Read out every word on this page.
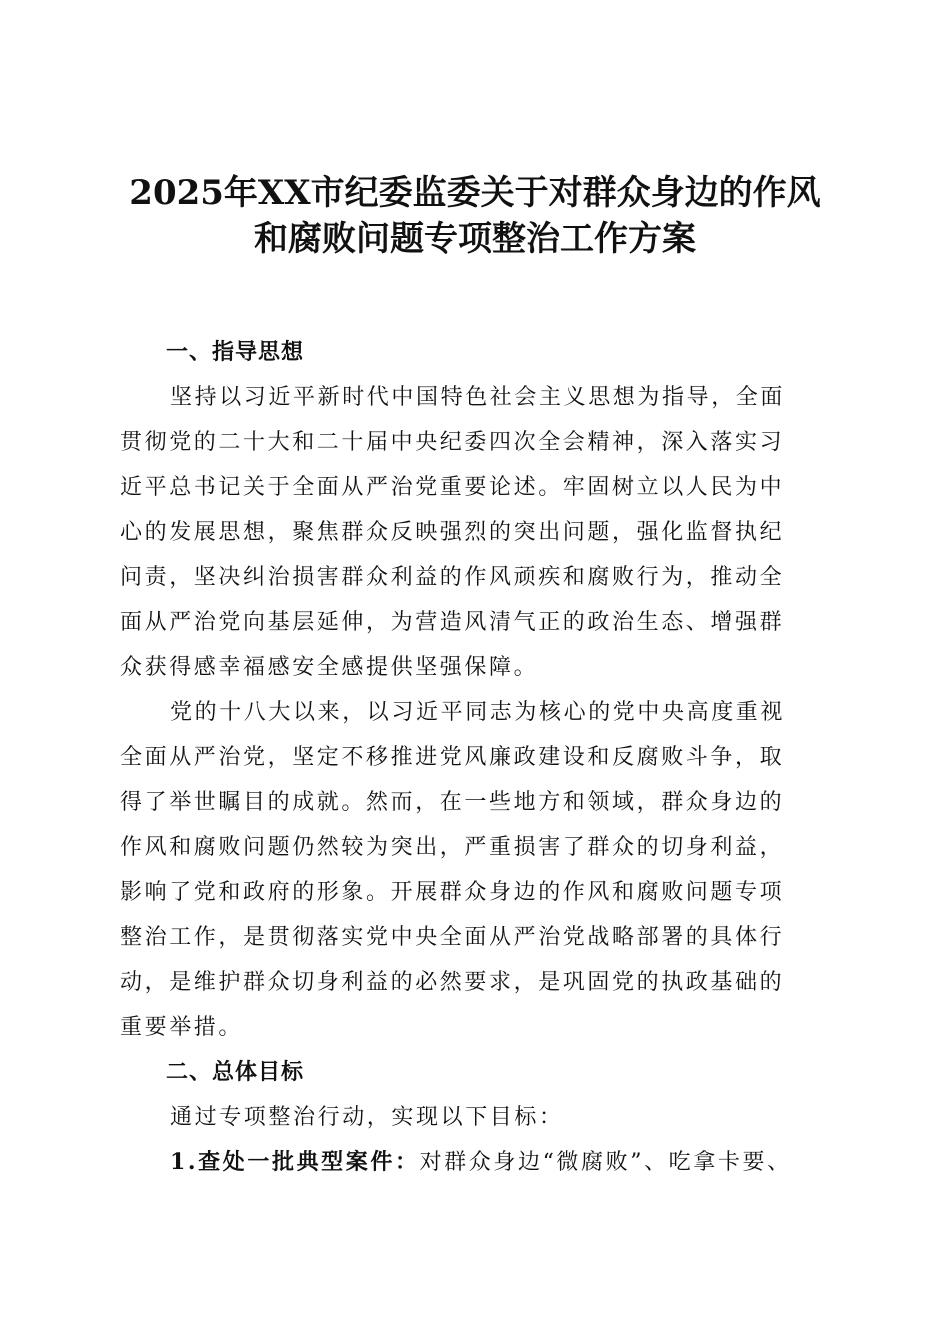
2025年XX市纪委监委关于对群众身边的作风
和腐败问题专项整治工作方案

一、指导思想

坚持以习近平新时代中国特色社会主义思想为指导，全面
贯彻党的二十大和二十届中央纪委四次全会精神，深入落实习
近平总书记关于全面从严治党重要论述。牢固树立以人民为中
心的发展思想，聚焦群众反映强烈的突出问题，强化监督执纪
问责，坚决纠治损害群众利益的作风顽疾和腐败行为，推动全
面从严治党向基层延伸，为营造风清气正的政治生态、增强群
众获得感幸福感安全感提供坚强保障。

党的十八大以来，以习近平同志为核心的党中央高度重视
全面从严治党，坚定不移推进党风廉政建设和反腐败斗争，取
得了举世瞩目的成就。然而，在一些地方和领域，群众身边的
作风和腐败问题仍然较为突出，严重损害了群众的切身利益，
影响了党和政府的形象。开展群众身边的作风和腐败问题专项
整治工作，是贯彻落实党中央全面从严治党战略部署的具体行
动，是维护群众切身利益的必然要求，是巩固党的执政基础的
重要举措。

二、总体目标

通过专项整治行动，实现以下目标：

1.查处一批典型案件：对群众身边“微腐败”、吃拿卡要、
